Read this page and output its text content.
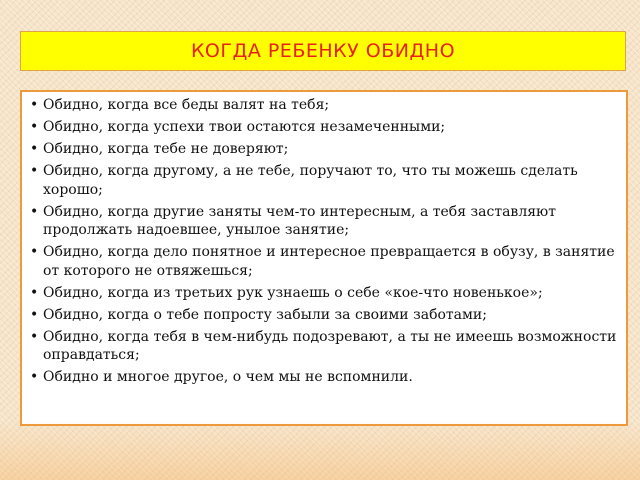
КОГДА РЕБЕНКУ ОБИДНО
• Обидно, когда все беды валят на тебя;
• Обидно, когда успехи твои остаются незамеченными;
• Обидно, когда тебе не доверяют;
• Обидно, когда другому, а не тебе, поручают то, что ты можешь сделать хорошо;
• Обидно, когда другие заняты чем-то интересным, а тебя заставляют продолжать надоевшее, унылое занятие;
• Обидно, когда дело понятное и интересное превращается в обузу, в занятие от которого не отвяжешься;
• Обидно, когда из третьих рук узнаешь о себе «кое-что новенькое»;
• Обидно, когда о тебе попросту забыли за своими заботами;
• Обидно, когда тебя в чем-нибудь подозревают, а ты не имеешь возможности оправдаться;
• Обидно и многое другое, о чем мы не вспомнили.
